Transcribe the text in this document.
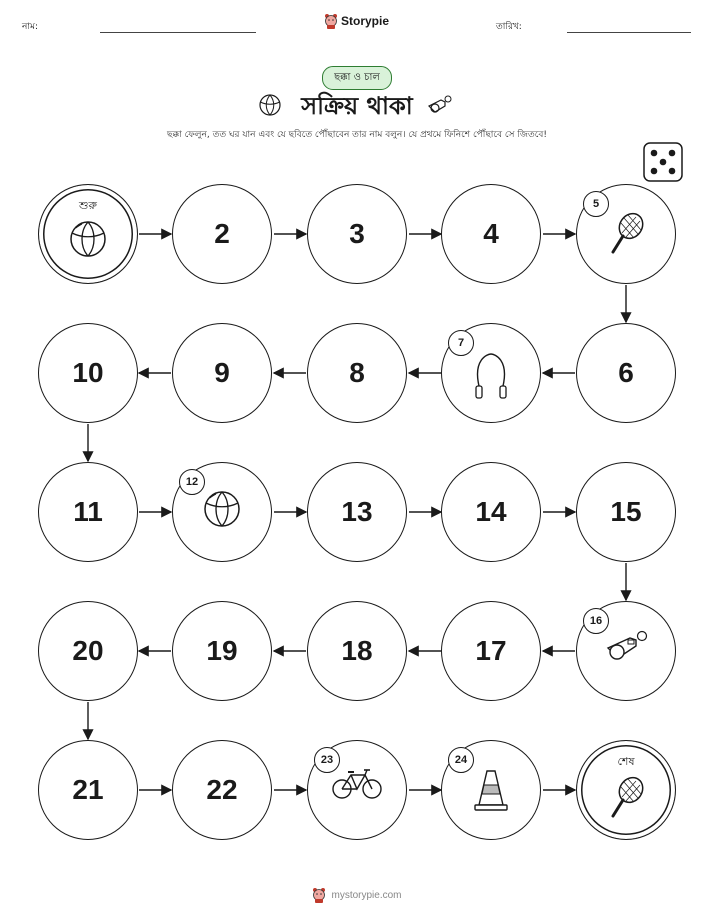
নাম:	Storypie	তারিখ:
ছক্কা ও চাল
সক্রিয় থাকা
ছক্কা ফেলুন, তত ঘর যান এবং যে ছবিতে পৌঁছাবেন তার নাম বলুন। যে প্রথমে ফিনিশে পৌঁছাবে সে জিতবে!
শুরু
2	3	4
5
6
7
8
9
10
11
12
13	14	15
16
17
18
19
20
21	22
23	24	শেষ
mystorypie.com
